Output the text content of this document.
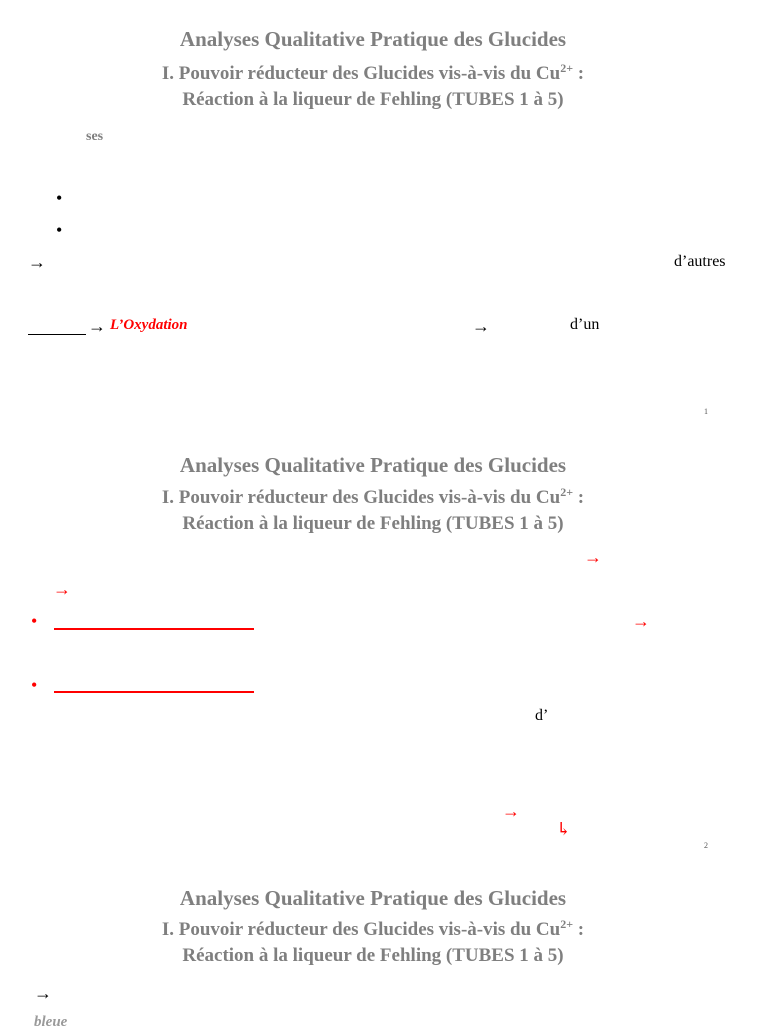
Analyses Qualitative Pratique des Glucides
I. Pouvoir réducteur des Glucides vis-à-vis du $Cu^{2+}$ :
Réaction à la liqueur de Fehling (TUBES 1 à 5)
ses
•
•
→	d’autres
→ L’Oxydation	→	d’un
1
Analyses Qualitative Pratique des Glucides
I. Pouvoir réducteur des Glucides vis-à-vis du $Cu^{2+}$ :
Réaction à la liqueur de Fehling (TUBES 1 à 5)
→
→
•	→
•
d’
→
↳
2
Analyses Qualitative Pratique des Glucides
I. Pouvoir réducteur des Glucides vis-à-vis du $Cu^{2+}$ :
Réaction à la liqueur de Fehling (TUBES 1 à 5)
→
bleue
